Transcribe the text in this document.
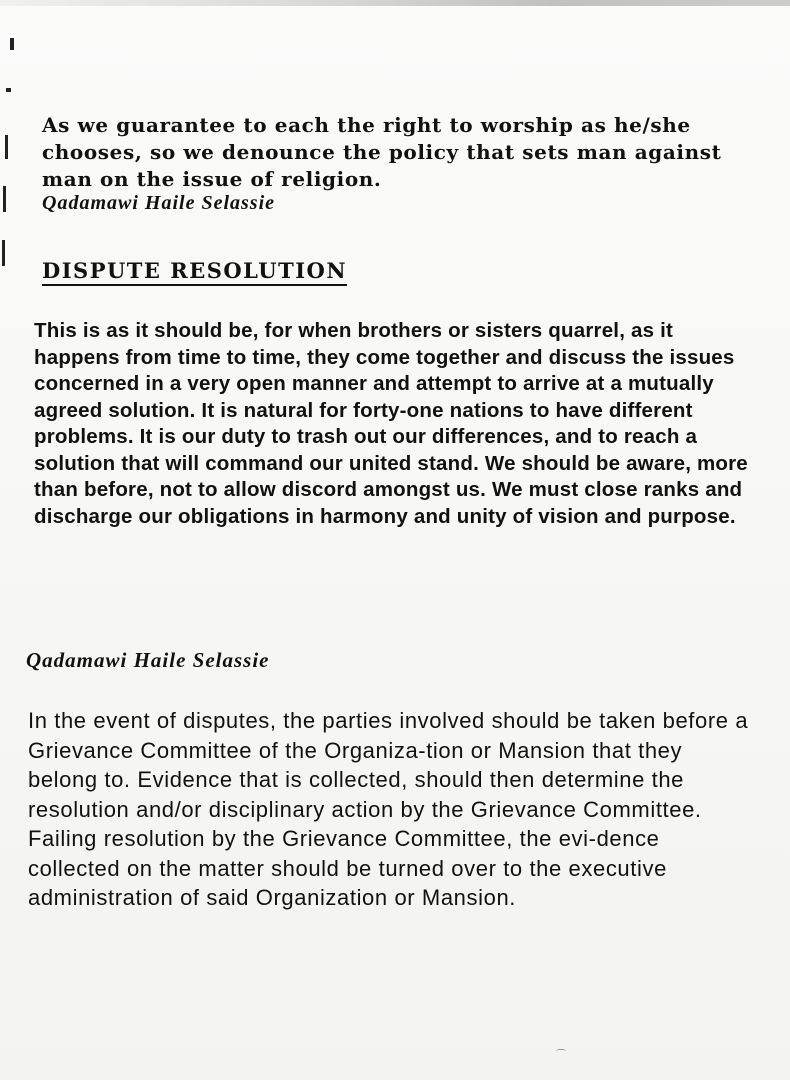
As we guarantee to each the right to worship as he/she chooses, so we denounce the policy that sets man against man on the issue of religion.

Qadamawi Haile Selassie
DISPUTE RESOLUTION

This is as it should be, for when brothers or sisters quarrel, as it happens from time to time, they come together and discuss the issues concerned in a very open manner and attempt to arrive at a mutually agreed solution. It is natural for forty-one nations to have different problems. It is our duty to trash out our differences, and to reach a solution that will command our united stand. We should be aware, more than before, not to allow discord amongst us. We must close ranks and discharge our obligations in harmony and unity of vision and purpose.

Qadamawi Haile Selassie

In the event of disputes, the parties involved should be taken before a Grievance Committee of the Organiza-tion or Mansion that they belong to. Evidence that is collected, should then determine the resolution and/or disciplinary action by the Grievance Committee. Failing resolution by the Grievance Committee, the evi-dence collected on the matter should be turned over to the executive administration of said Organization or Mansion.

⌒
